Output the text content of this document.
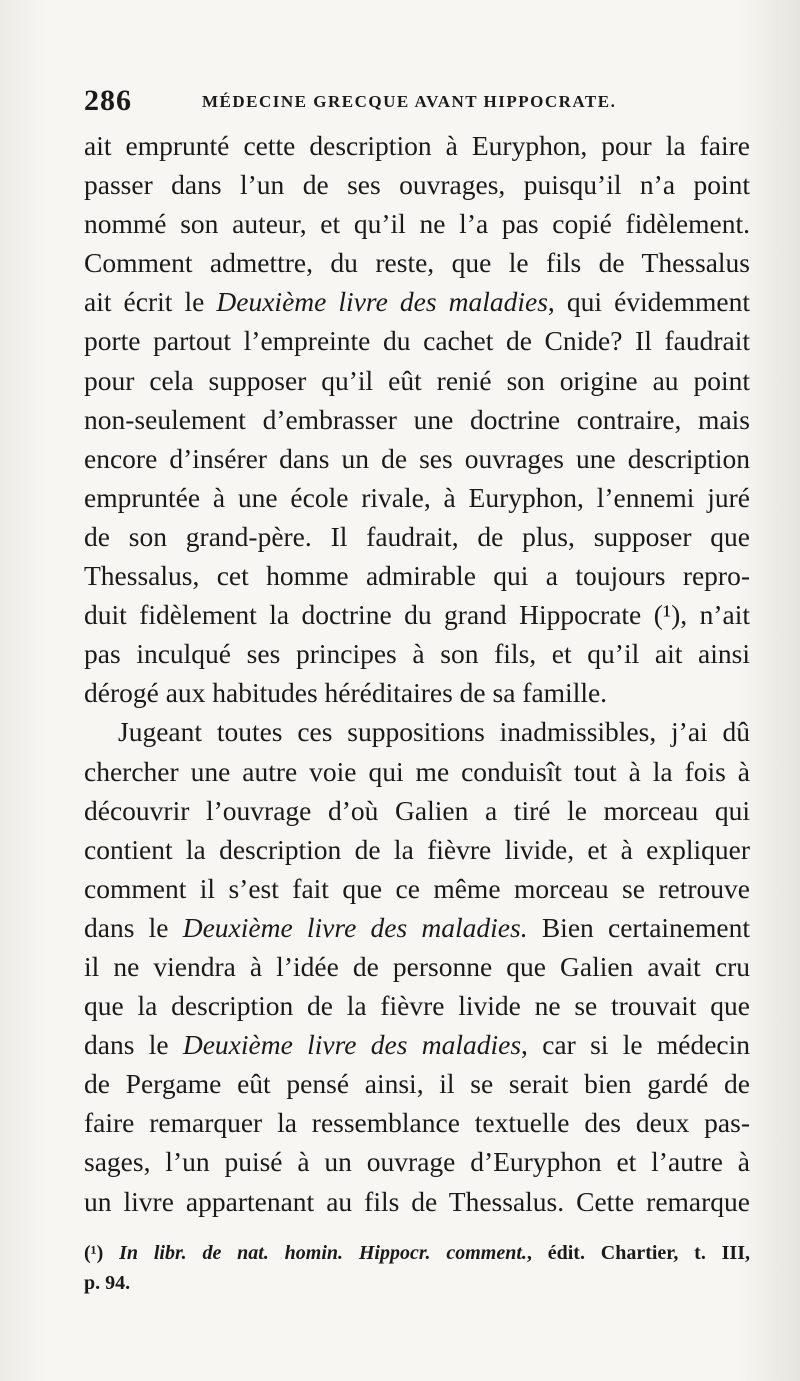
286	MÉDECINE GRECQUE AVANT HIPPOCRATE.
ait emprunté cette description à Euryphon, pour la faire
passer dans l’un de ses ouvrages, puisqu’il n’a point
nommé son auteur, et qu’il ne l’a pas copié fidèlement.
Comment admettre, du reste, que le fils de Thessalus
ait écrit le Deuxième livre des maladies, qui évidemment
porte partout l’empreinte du cachet de Cnide? Il faudrait
pour cela supposer qu’il eût renié son origine au point
non-seulement d’embrasser une doctrine contraire, mais
encore d’insérer dans un de ses ouvrages une description
empruntée à une école rivale, à Euryphon, l’ennemi juré
de son grand-père. Il faudrait, de plus, supposer que
Thessalus, cet homme admirable qui a toujours repro-
duit fidèlement la doctrine du grand Hippocrate (¹), n’ait
pas inculqué ses principes à son fils, et qu’il ait ainsi
dérogé aux habitudes héréditaires de sa famille.
Jugeant toutes ces suppositions inadmissibles, j’ai dû
chercher une autre voie qui me conduisît tout à la fois à
découvrir l’ouvrage d’où Galien a tiré le morceau qui
contient la description de la fièvre livide, et à expliquer
comment il s’est fait que ce même morceau se retrouve
dans le Deuxième livre des maladies. Bien certainement
il ne viendra à l’idée de personne que Galien avait cru
que la description de la fièvre livide ne se trouvait que
dans le Deuxième livre des maladies, car si le médecin
de Pergame eût pensé ainsi, il se serait bien gardé de
faire remarquer la ressemblance textuelle des deux pas-
sages, l’un puisé à un ouvrage d’Euryphon et l’autre à
un livre appartenant au fils de Thessalus. Cette remarque
(¹) In libr. de nat. homin. Hippocr. comment., édit. Chartier, t. III,
p. 94.
